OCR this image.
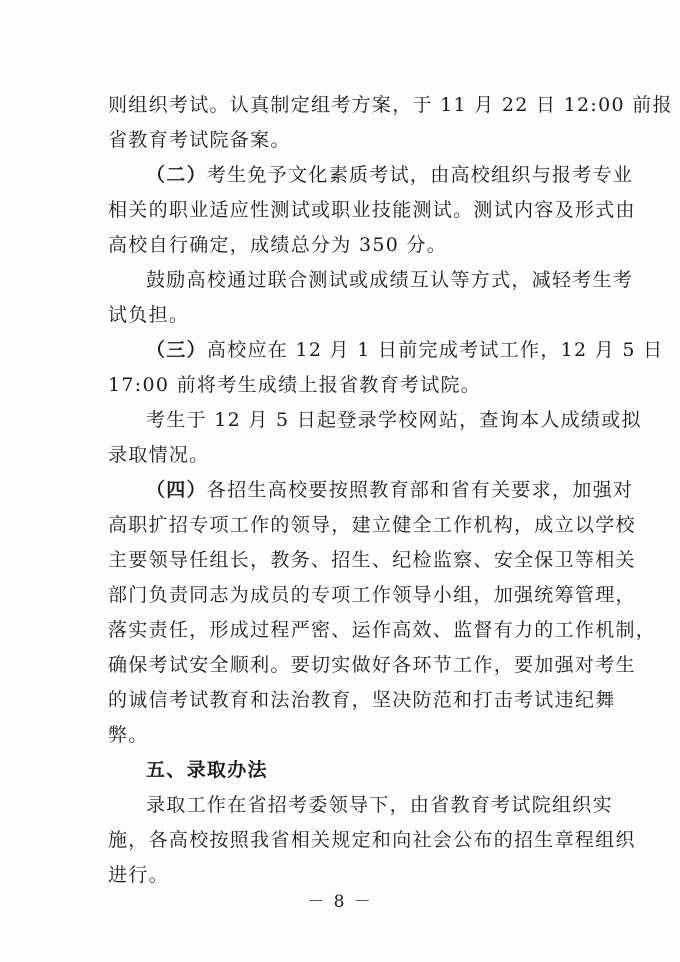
则组织考试。认真制定组考方案，于 11 月 22 日 12:00 前报
省教育考试院备案。

（二）考生免予文化素质考试，由高校组织与报考专业
相关的职业适应性测试或职业技能测试。测试内容及形式由
高校自行确定，成绩总分为 350 分。

鼓励高校通过联合测试或成绩互认等方式，减轻考生考
试负担。

（三）高校应在 12 月 1 日前完成考试工作，12 月 5 日
17:00 前将考生成绩上报省教育考试院。

考生于 12 月 5 日起登录学校网站，查询本人成绩或拟
录取情况。

（四）各招生高校要按照教育部和省有关要求，加强对
高职扩招专项工作的领导，建立健全工作机构，成立以学校
主要领导任组长，教务、招生、纪检监察、安全保卫等相关
部门负责同志为成员的专项工作领导小组，加强统筹管理，
落实责任，形成过程严密、运作高效、监督有力的工作机制，
确保考试安全顺利。要切实做好各环节工作，要加强对考生
的诚信考试教育和法治教育，坚决防范和打击考试违纪舞
弊。

五、录取办法

录取工作在省招考委领导下，由省教育考试院组织实
施，各高校按照我省相关规定和向社会公布的招生章程组织
进行。

－ 8 －
